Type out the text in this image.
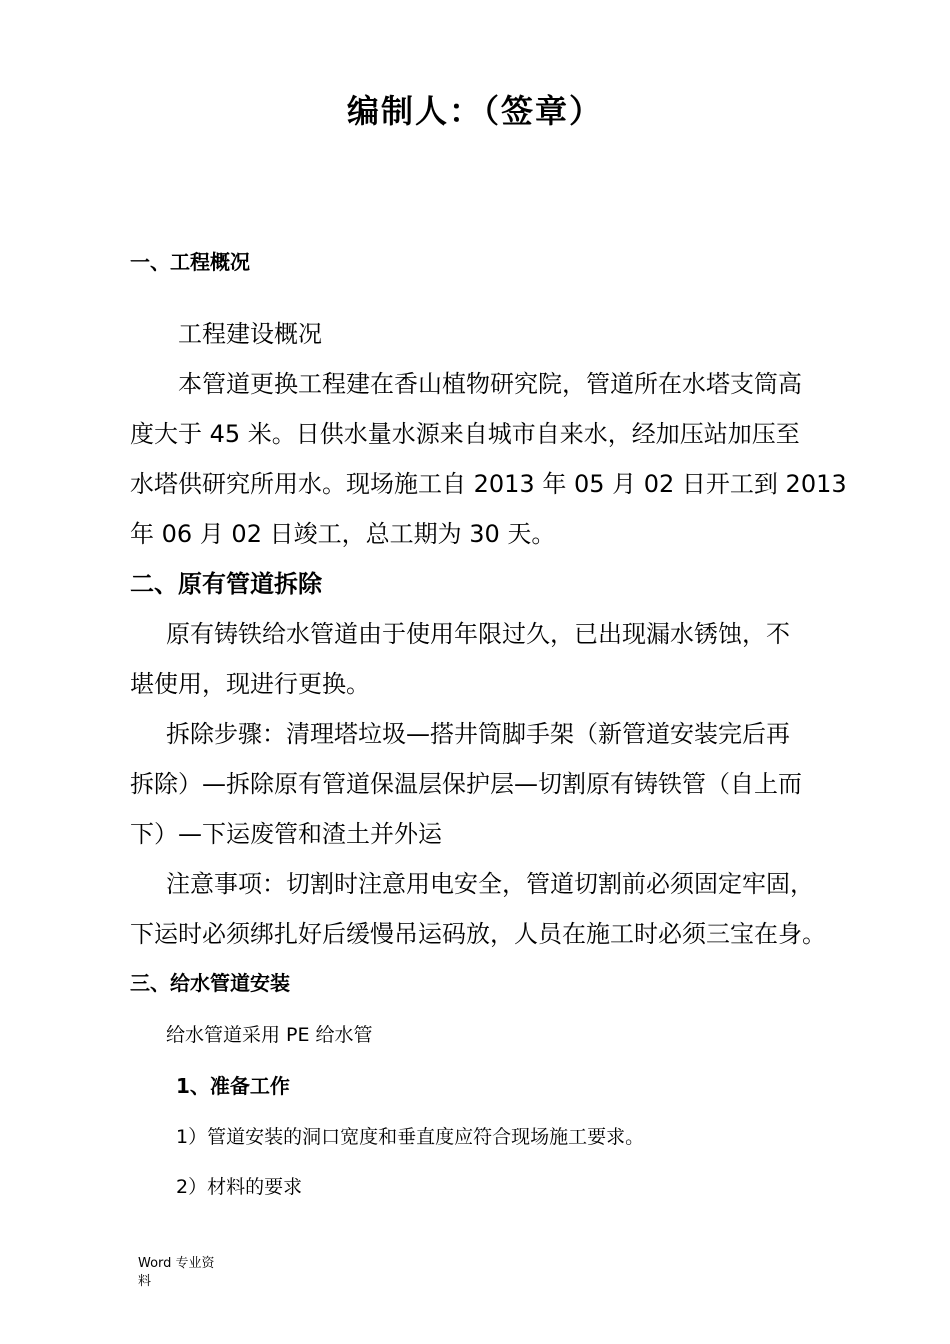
编制人：（签章）
一、工程概况
工程建设概况
本管道更换工程建在香山植物研究院，管道所在水塔支筒高
度大于 45 米。日供水量水源来自城市自来水，经加压站加压至
水塔供研究所用水。现场施工自 2013 年 05 月 02 日开工到 2013
年 06 月 02 日竣工，总工期为 30 天。
二、原有管道拆除
原有铸铁给水管道由于使用年限过久，已出现漏水锈蚀，不
堪使用，现进行更换。
拆除步骤：清理塔垃圾—搭井筒脚手架（新管道安装完后再
拆除）—拆除原有管道保温层保护层—切割原有铸铁管（自上而
下）—下运废管和渣土并外运
注意事项：切割时注意用电安全，管道切割前必须固定牢固，
下运时必须绑扎好后缓慢吊运码放，人员在施工时必须三宝在身。
三、给水管道安装
给水管道采用 PE 给水管
1、准备工作
1）管道安装的洞口宽度和垂直度应符合现场施工要求。
2）材料的要求
Word 专业资
料
